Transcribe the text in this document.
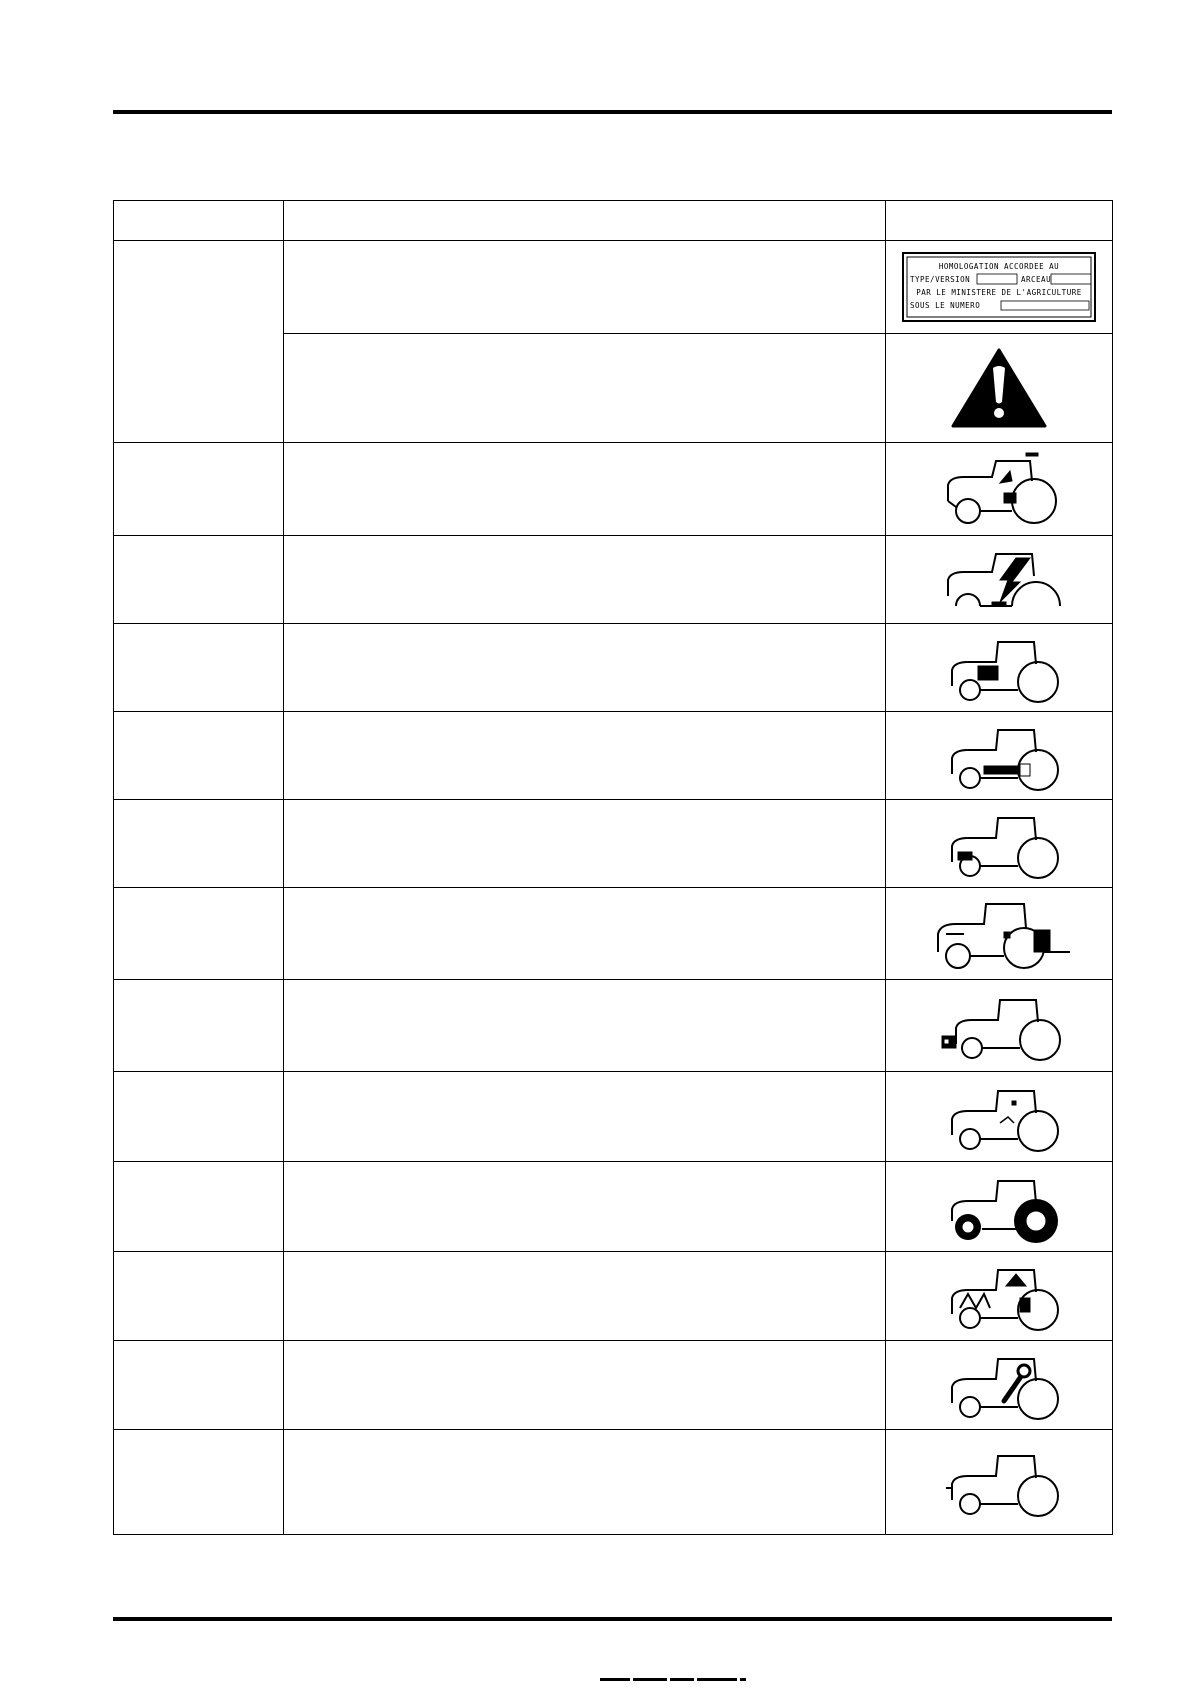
HOMOLOGATION ACCORDEE AU
TYPE/VERSION ARCEAU
PAR LE MINISTERE DE L'AGRICULTURE
SOUS LE NUMERO
